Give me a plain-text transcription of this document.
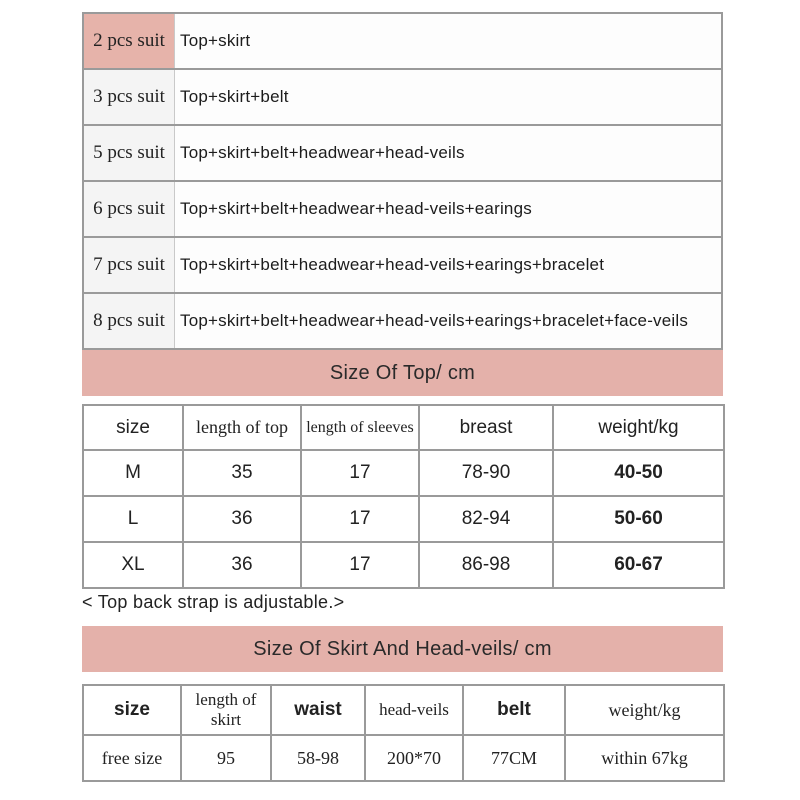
2 pcs suit Top+skirt
3 pcs suit Top+skirt+belt
5 pcs suit Top+skirt+belt+headwear+head-veils
6 pcs suit Top+skirt+belt+headwear+head-veils+earings
7 pcs suit Top+skirt+belt+headwear+head-veils+earings+bracelet
8 pcs suit Top+skirt+belt+headwear+head-veils+earings+bracelet+face-veils
Size Of Top/ cm
size	length of top	length of sleeves	breast	weight/kg
M	35	17	78-90	40-50
L	36	17	82-94	50-60
XL	36	17	86-98	60-67
< Top back strap is adjustable.>
Size Of Skirt And Head-veils/ cm
size	length of skirt	waist	head-veils	belt	weight/kg
free size	95	58-98	200*70	77CM	within 67kg
